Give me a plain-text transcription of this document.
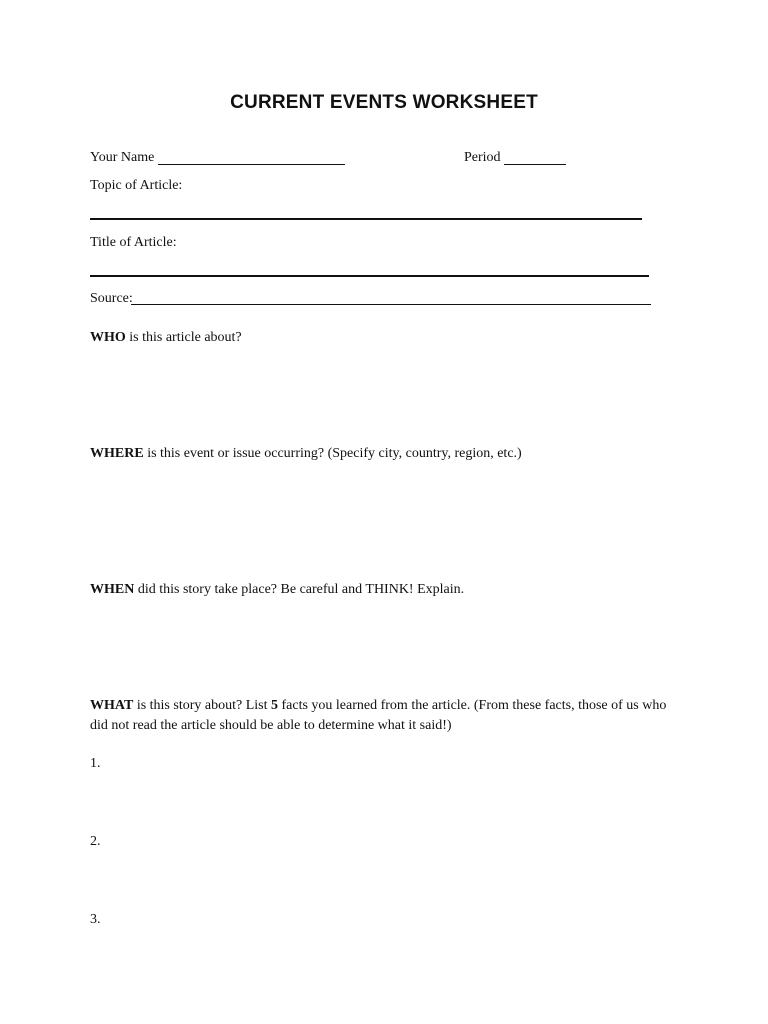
CURRENT EVENTS WORKSHEET
Your Name	Period
Topic of Article:
Title of Article:
Source:
WHO is this article about?
WHERE is this event or issue occurring? (Specify city, country, region, etc.)
WHEN did this story take place? Be careful and THINK! Explain.
WHAT is this story about? List 5 facts you learned from the article. (From these facts, those of us who
did not read the article should be able to determine what it said!)
1.
2.
3.
